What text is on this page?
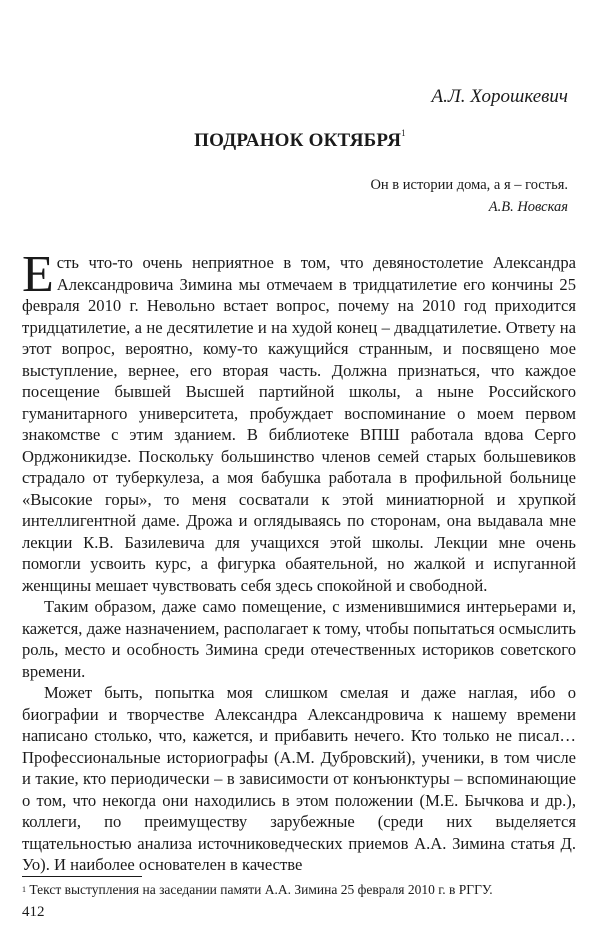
А.Л. Хорошкевич
ПОДРАНОК ОКТЯБРЯ$^1$
Он в истории дома, а я – гостья.
А.В. Новская

Есть что-то очень неприятное в том, что девяностолетие Александра Александровича Зимина мы отмечаем в тридцатилетие его кончины 25 февраля 2010 г. Невольно встает вопрос, почему на 2010 год приходится тридцатилетие, а не десятилетие и на худой конец – двадцатилетие. Ответу на этот вопрос, вероятно, кому-то кажущийся странным, и посвящено мое выступление, вернее, его вторая часть. Должна признаться, что каждое посещение бывшей Высшей партийной школы, а ныне Российского гуманитарного университета, пробуждает воспоминание о моем первом знакомстве с этим зданием. В библиотеке ВПШ работала вдова Серго Орджоникидзе. Поскольку большинство членов семей старых большевиков страдало от туберкулеза, а моя бабушка работала в профильной больнице «Высокие горы», то меня сосватали к этой миниатюрной и хрупкой интеллигентной даме. Дрожа и оглядываясь по сторонам, она выдавала мне лекции К.В. Базилевича для учащихся этой школы. Лекции мне очень помогли усвоить курс, а фигурка обаятельной, но жалкой и испуганной женщины мешает чувствовать себя здесь спокойной и свободной.

Таким образом, даже само помещение, с изменившимися интерьерами и, кажется, даже назначением, располагает к тому, чтобы попытаться осмыслить роль, место и особность Зимина среди отечественных историков советского времени.

Может быть, попытка моя слишком смелая и даже наглая, ибо о биографии и творчестве Александра Александровича к нашему времени написано столько, что, кажется, и прибавить нечего. Кто только не писал… Профессиональные историографы (А.М. Дубровский), ученики, в том числе и такие, кто периодически – в зависимости от конъюнктуры – вспоминающие о том, что некогда они находились в этом положении (М.Е. Бычкова и др.), коллеги, по преимуществу зарубежные (среди них выделяется тщательностью анализа источниковедческих приемов А.А. Зимина статья Д. Уо). И наиболее основателен в качестве

$^1$ Текст выступления на заседании памяти А.А. Зимина 25 февраля 2010 г. в РГГУ.
412
